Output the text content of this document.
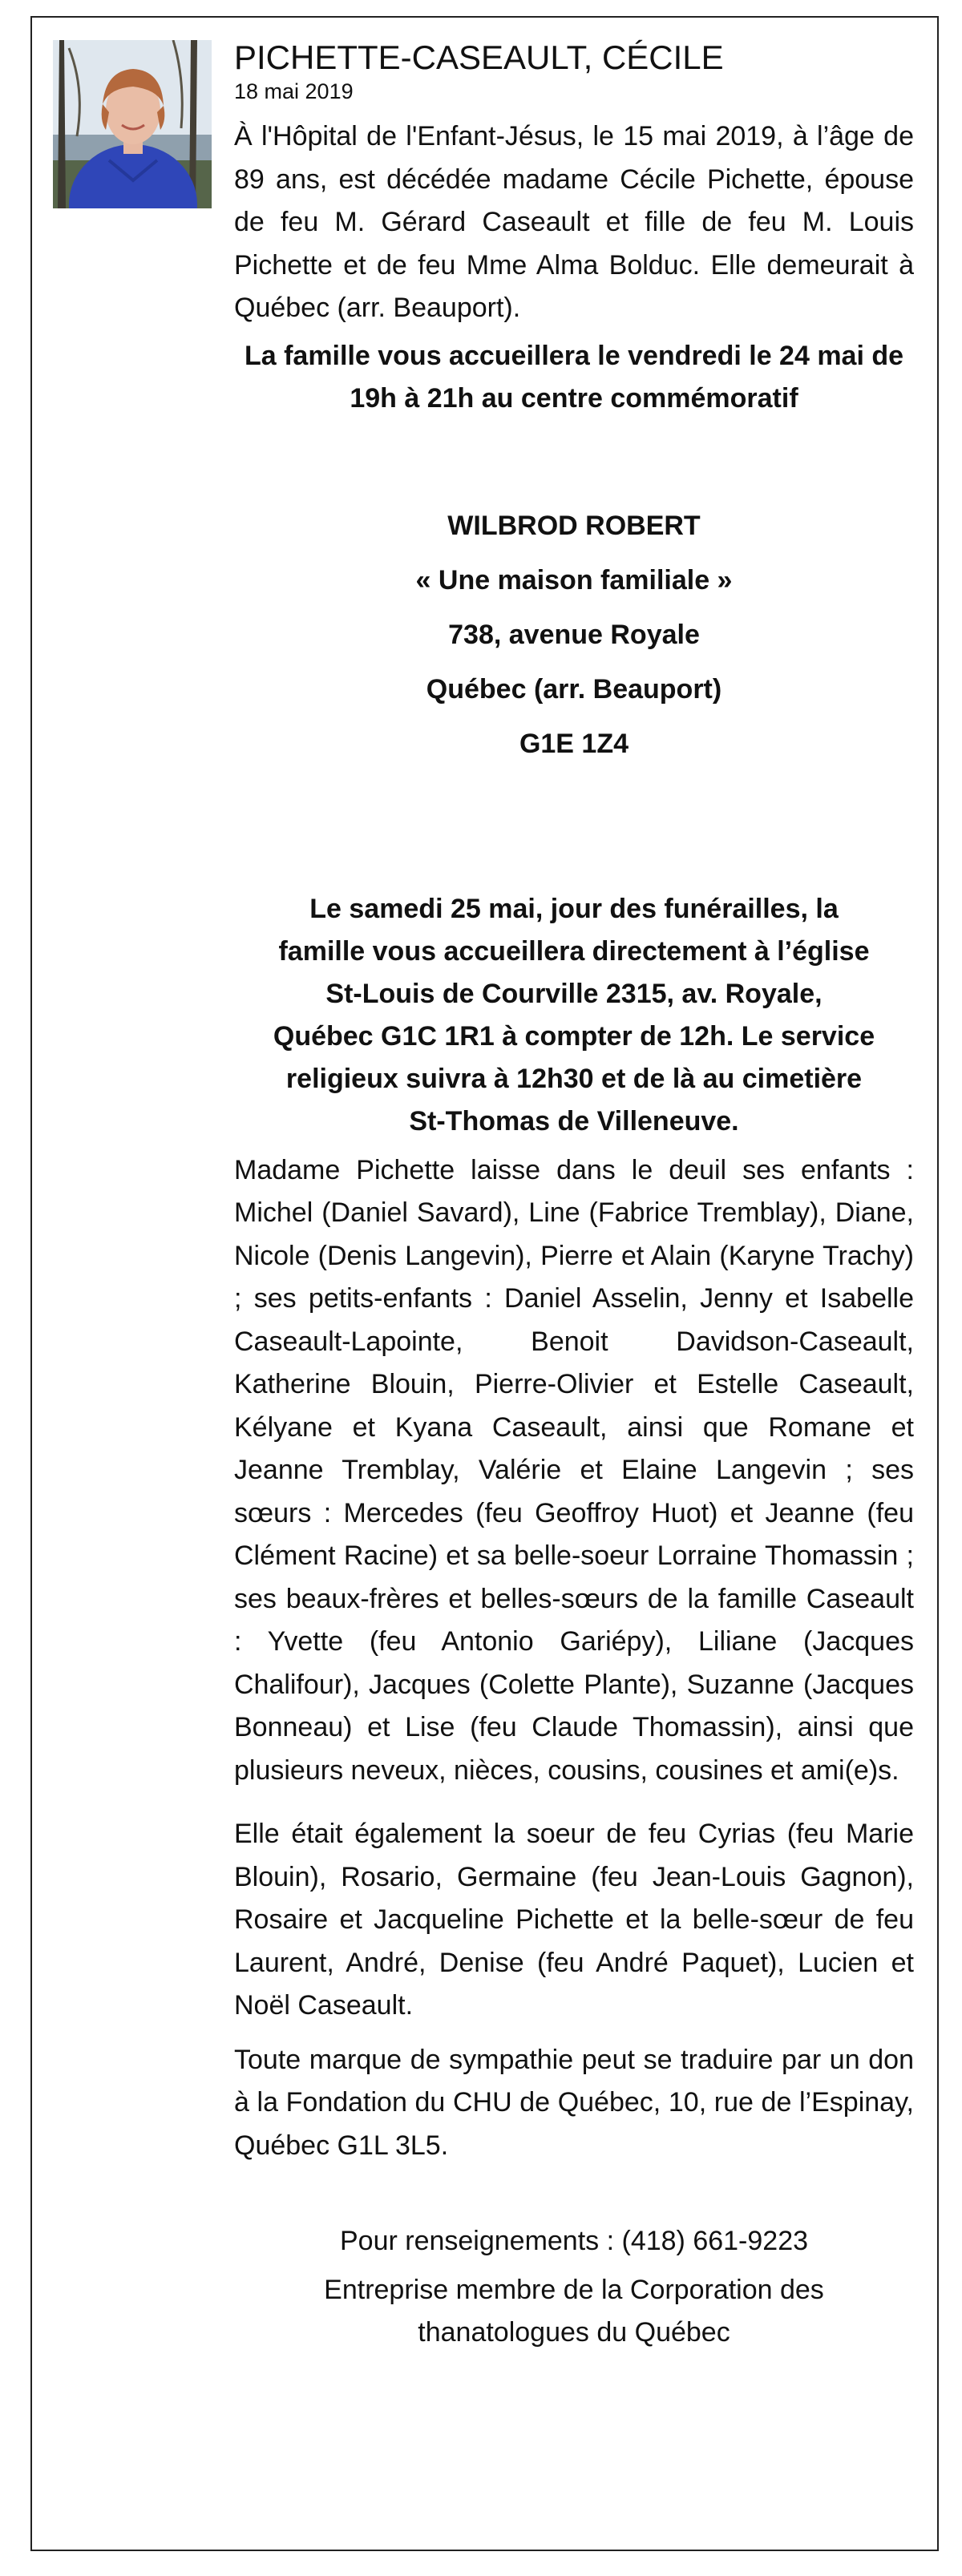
PICHETTE-CASEAULT, CÉCILE

18 mai 2019

À l'Hôpital de l'Enfant-Jésus, le 15 mai 2019, à l’âge de 89 ans, est décédée madame Cécile Pichette, épouse de feu M. Gérard Caseault et fille de feu M. Louis Pichette et de feu Mme Alma Bolduc. Elle demeurait à Québec (arr. Beauport).

La famille vous accueillera le vendredi le 24 mai de 19h à 21h au centre commémoratif

WILBROD ROBERT

« Une maison familiale »

738, avenue Royale

Québec (arr. Beauport)

G1E 1Z4

Le samedi 25 mai, jour des funérailles, la

famille vous accueillera directement à l’église

St-Louis de Courville 2315, av. Royale,

Québec G1C 1R1 à compter de 12h. Le service

religieux suivra à 12h30 et de là au cimetière

St-Thomas de Villeneuve.

Madame Pichette laisse dans le deuil ses enfants : Michel (Daniel Savard), Line (Fabrice Tremblay), Diane, Nicole (Denis Langevin), Pierre et Alain (Karyne Trachy) ; ses petits-enfants : Daniel Asselin, Jenny et Isabelle Caseault-Lapointe, Benoit Davidson-Caseault, Katherine Blouin, Pierre-Olivier et Estelle Caseault, Kélyane et Kyana Caseault, ainsi que Romane et Jeanne Tremblay, Valérie et Elaine Langevin ; ses sœurs : Mercedes (feu Geoffroy Huot) et Jeanne (feu Clément Racine) et sa belle-soeur Lorraine Thomassin ; ses beaux-frères et belles-sœurs de la famille Caseault : Yvette (feu Antonio Gariépy), Liliane (Jacques Chalifour), Jacques (Colette Plante), Suzanne (Jacques Bonneau) et Lise (feu Claude Thomassin), ainsi que plusieurs neveux, nièces, cousins, cousines et ami(e)s.

Elle était également la soeur de feu Cyrias (feu Marie Blouin), Rosario, Germaine (feu Jean-Louis Gagnon), Rosaire et Jacqueline Pichette et la belle-sœur de feu Laurent, André, Denise (feu André Paquet), Lucien et Noël Caseault.

Toute marque de sympathie peut se traduire par un don à la Fondation du CHU de Québec, 10, rue de l’Espinay, Québec G1L 3L5.

Pour renseignements : (418) 661-9223

Entreprise membre de la Corporation des

thanatologues du Québec
